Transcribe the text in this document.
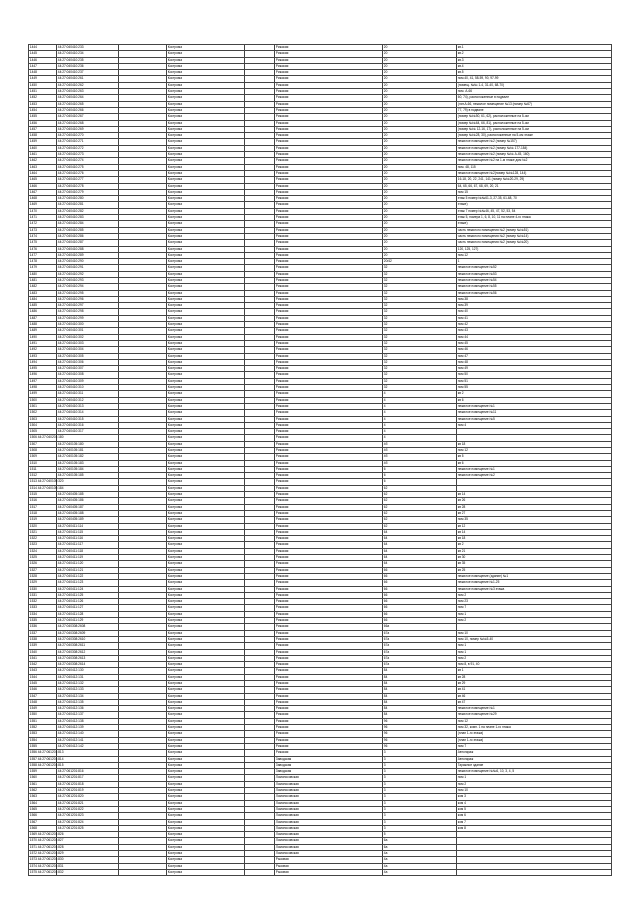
1444	44:27:040410:233		Кострома		Рижская	20	кв.1
1445	44:27:040410:234		Кострома		Рижская	20	кв.2
1446	44:27:040410:235		Кострома		Рижская	20	кв.3
1447	44:27:040410:236		Кострома		Рижская	20	кв.4
1448	44:27:040410:237		Кострома		Рижская	20	кв.5
1449	44:27:040410:261		Кострома		Рижская	20	пом.40, 41, 58-59, 90, 97-99
1450	44:27:040410:262		Кострома		Рижская	20	(помещ. №№ 1-4, 31-40, 68-70)
1451	44:27:040410:263		Кострома		Рижская	20	пом. А-66
1452	44:27:040410:264		Кострома		Рижская	20	60, 74), расположенные в подвале
1453	44:27:040410:265		Кострома		Рижская	20	(лит.А-66, нежилое помещение №13 (номер №67)
1454	44:27:040410:266		Кострома		Рижская	20	77, 79) в подвале
1455	44:27:040410:267		Кострома		Рижская	20	(номер №№50, 61, 62), расположенные на 5-ом
1456	44:27:040410:268		Кострома		Рижская	20	(номер №№64, 66, 81), расположенные на 5-ом
1457	44:27:040410:269		Кострома		Рижская	20	(номер №№ 12-16, 17), расположенные на 5-ом
1458	44:27:040410:270		Кострома		Рижская	20	(номер №№28, 30), расположенные на 5-ом этаже
1459	44:27:040410:271		Кострома		Рижская	20	нежилое помещение №2 (номер №157)
1460	44:27:040410:272		Кострома		Рижская	20	нежилое помещение №2 (номер №№ 177-184)
1461	44:27:040410:273		Кострома		Рижская	20	нежилое помещение №2 (номер №№ А-45, 160)
1462	44:27:040410:274		Кострома		Рижская	20	нежилое помещение №2 на 1-м этаже дом №2
1463	44:27:040410:275		Кострома		Рижская	20	пом. 48, 115
1464	44:27:040410:276		Кострома		Рижская	20	нежилое помещение №2(номер №№128, 144)
1465	44:27:040410:277		Кострома		Рижская	20	16-18, 20, 22, 241, 141 (номер №№20-29, 29)
1466	44:27:040410:278		Кострома		Рижская	20	64, 65, 66, 67, 68, 69, 20, 21
1467	44:27:040410:279		Кострома		Рижская	20	пом 15
1468	44:27:040410:280		Кострома		Рижская	20	этаж 5 номер №№61-3, 27-35, 61-68, 70
1469	44:27:040410:281		Кострома		Рижская	20	этаже)
1470	44:27:040410:282		Кострома		Рижская	20	этаж 7 номер №№46, 45, 47, 52, 53, 54
1471	44:27:040410:283		Кострома		Рижская	20	этаж 5, номера 1, 6, 8, 10, 11 на плане 4-го этажа
1472	44:27:040410:284		Кострома		Рижская	20	этаже)
1473	44:27:040410:285		Кострома		Рижская	20	часть нежилого помещения №2 (номер №№51)
1474	44:27:040410:286		Кострома		Рижская	20	часть нежилого помещения №2 (номер №№14)
1475	44:27:040410:287		Кострома		Рижская	20	часть нежилого помещения №2 (номер №№20)
1476	44:27:040410:288		Кострома		Рижская	20	120, 125, 127)
1477	44:27:040410:289		Кострома		Рижская	20	пом.12
1478	44:27:040410:290		Кострома		Рижская	20/42	1
1479	44:27:040410:291		Кострома		Рижская	32	нежилое помещение №52
1480	44:27:040410:292		Кострома		Рижская	32	нежилое помещение №53
1481	44:27:040410:293		Кострома		Рижская	32	нежилое помещение №54
1482	44:27:040410:294		Кострома		Рижская	32	нежилое помещение №55
1483	44:27:040410:295		Кострома		Рижская	32	нежилое помещение №56
1484	44:27:040410:296		Кострома		Рижская	32	пом.38
1485	44:27:040410:297		Кострома		Рижская	32	пом.39
1486	44:27:040410:298		Кострома		Рижская	32	пом 40
1487	44:27:040410:299		Кострома		Рижская	32	пом 41
1488	44:27:040410:300		Кострома		Рижская	32	пом 42
1489	44:27:040410:301		Кострома		Рижская	32	пом 43
1490	44:27:040410:302		Кострома		Рижская	32	пом 44
1491	44:27:040410:303		Кострома		Рижская	32	пом 45
1492	44:27:040410:304		Кострома		Рижская	32	пом 46
1493	44:27:040410:305		Кострома		Рижская	32	пом 47
1494	44:27:040410:306		Кострома		Рижская	32	пом 48
1495	44:27:040410:307		Кострома		Рижская	32	пом 49
1496	44:27:040410:308		Кострома		Рижская	32	пом 50
1497	44:27:040410:309		Кострома		Рижская	32	пом 51
1498	44:27:040410:310		Кострома		Рижская	32	пом 55
1499	44:27:040410:311		Кострома		Рижская	4	кв 2
1500	44:27:040410:312		Кострома		Рижская	4	кв 6
1501	44:27:040410:313		Кострома		Рижская	4	нежилое помещение №1
1502	44:27:040410:314		Кострома		Рижская	4	нежилое помещение №11
1503	44:27:040410:315		Кострома		Рижская	4	нежилое помещение №5
1504	44:27:040410:316		Кострома		Рижская	4	пом 4
1505	44:27:040410:317		Кострома		Рижская	4	
1506 44:27:040201:180			Кострома		Рижская	4	
1507	44:27:040105:180		Кострома		Рижская	4б	кв 18
1508	44:27:040105:181		Кострома		Рижская	4б	пом 12
1509	44:27:040105:182		Кострома		Рижская	4б	кв 5
1510	44:27:040105:183		Кострома		Рижская	4б	кв 6
1511	44:27:040105:184		Кострома		Рижская	6	нежилое помещение №1
1512	44:27:040105:185		Кострома		Рижская	6	нежилое помещение №2
1513 44:27:040105:320			Кострома		Рижская	6	
1514 44:27:040105:184			Кострома		Рижская	62	
1515	44:27:040405:185		Кострома		Рижская	62	кв 14
1516	44:27:040405:186		Кострома		Рижская	62	кв 26
1517	44:27:040405:187		Кострома		Рижская	62	кв 28
1518	44:27:040405:188		Кострома		Рижская	62	кв 27
1519	44:27:040405:189		Кострома		Рижская	62	пом 35
1520	44:27:040411:114		Кострома		Рижская	62	кв 12
1521	44:27:040411:115		Кострома		Рижская	64	кв 14
1522	44:27:040411:116		Кострома		Рижская	64	кв 18
1523	44:27:040411:117		Кострома		Рижская	64	кв 2
1524	44:27:040411:118		Кострома		Рижская	64	кв 21
1525	44:27:040411:119		Кострома		Рижская	64	кв 30
1526	44:27:040411:120		Кострома		Рижская	64	кв 35
1527	44:27:040411:121		Кострома		Рижская	66	кв 25
1528	44:27:040411:122		Кострома		Рижская	66	нежилое помещение (здание) №1
1529	44:27:040411:123		Кострома		Рижская	66	нежилое помещение №1-25
1530	44:27:040411:124		Кострома		Рижская	66	нежилое помещение №3 этажа
1531	44:27:040411:125		Кострома		Рижская	66	пом 2
1532	44:27:040411:126		Кострома		Рижская	66	пом 23
1533	44:27:040411:127		Кострома		Рижская	66	пом 7
1534	44:27:040411:128		Кострома		Рижская	66	пом 1
1535	44:27:040411:129		Кострома		Рижская	66	пом 2
1536	44:27:040308:2608		Кострома		Рижская	66а	
1537	44:27:040308:2609		Кострома		Рижская	67а	пом 10
1538	44:27:040308:2610		Кострома		Рижская	67а	пом 10, номер №№5-40
1539	44:27:040308:2611		Кострома		Рижская	67а	пом 1
1540	44:27:040308:2612		Кострома		Рижская	67а	пом 1
1541	44:27:040308:2613		Кострома		Рижская	67а	пом 2
1542	44:27:040308:2614		Кострома		Рижская	67а	пом 8, в 91, 40
1543	44:27:040412:130		Кострома		Рижская	84	кв 1
1544	44:27:040412:131		Кострома		Рижская	84	кв 28
1545	44:27:040412:132		Кострома		Рижская	84	кв 29
1546	44:27:040412:133		Кострома		Рижская	84	кв 41
1547	44:27:040412:134		Кострома		Рижская	84	кв 46
1548	44:27:040412:135		Кострома		Рижская	84	кв 47
1549	44:27:040412:136		Кострома		Рижская	84	нежилое помещение №1
1550	44:27:040412:137		Кострома		Рижская	84	нежилое помещение №29
1551	44:27:040412:138		Кострома		Рижская	96	пом 12
1552	44:27:040412:139		Кострома		Рижская	96	пом 32, комн. 1 на плане 1-го этажа
1553	44:27:040412:140		Кострома		Рижская	96	(план 1-го этажа)
1554	44:27:040412:141		Кострома		Рижская	96	(план 1-го этажа)
1555	44:27:040412:142		Кострома		Рижская	96	пом 7
1556 44:27:061201:813			Кострома		Рижская	3	Автогараж
1557 44:27:061201:814			Кострома		Заводская	3	Автогараж
1558 44:27:061201:815			Кострома		Заводская	3	Гаражное здание
1559	44:27:061201:816		Кострома		Заводская	3	нежилое помещение №№6, 10, 3, 4, 5
1560	44:27:061201:817		Кострома		Ломоносовская	3	пом 1
1561	44:27:061201:818		Кострома		Ломоносовская	3	пом 2
1562	44:27:061201:819		Кострома		Ломоносовская	3	пом 10
1563	44:27:061201:820		Кострома		Ломоносовская	3	ком 3
1564	44:27:061201:821		Кострома		Ломоносовская	3	ком 4
1565	44:27:061201:822		Кострома		Ломоносовская	3	ком 5
1566	44:27:061201:823		Кострома		Ломоносовская	3	ком 6
1567	44:27:061201:824		Кострома		Ломоносовская	3	ком 7
1568	44:27:061201:825		Кострома		Ломоносовская	3	ком 8
1569 44:27:061201:826			Кострома		Ломоносовская	5	
1570 44:27:061201:827			Кострома		Ломоносовская	6а	
1571 44:27:061201:828			Кострома		Ломоносовская	6а	
1572 44:27:061201:829			Кострома		Ломоносовская	4а	
1573 44:27:061201:830			Кострома		Рыковая	4а	
1574 44:27:061201:831			Кострома		Рыковая	4а	
1575 44:27:061201:832			Кострома		Рыковая	4а	
